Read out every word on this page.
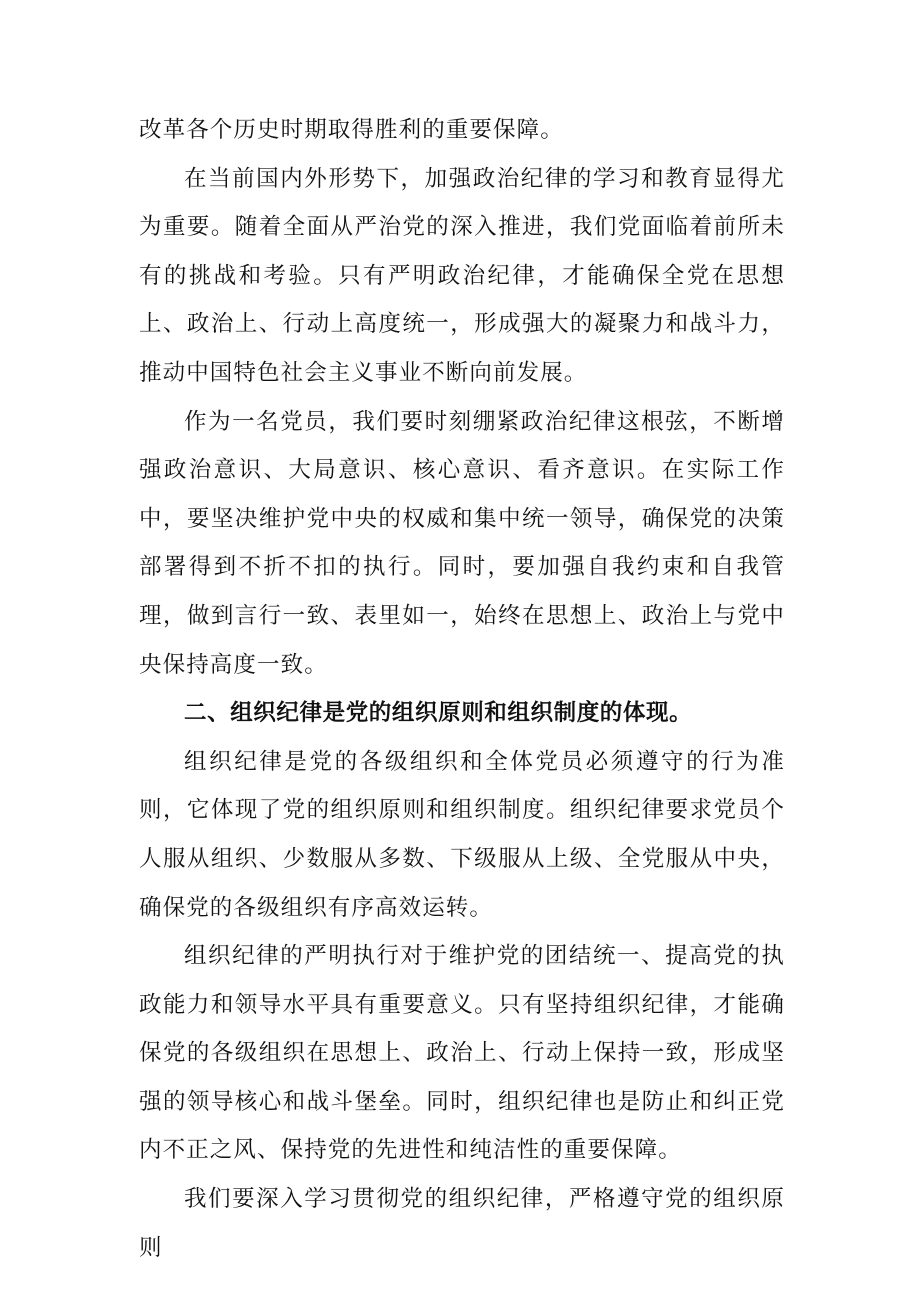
改革各个历史时期取得胜利的重要保障。

在当前国内外形势下，加强政治纪律的学习和教育显得尤为重要。随着全面从严治党的深入推进，我们党面临着前所未有的挑战和考验。只有严明政治纪律，才能确保全党在思想上、政治上、行动上高度统一，形成强大的凝聚力和战斗力，推动中国特色社会主义事业不断向前发展。

作为一名党员，我们要时刻绷紧政治纪律这根弦，不断增强政治意识、大局意识、核心意识、看齐意识。在实际工作中，要坚决维护党中央的权威和集中统一领导，确保党的决策部署得到不折不扣的执行。同时，要加强自我约束和自我管理，做到言行一致、表里如一，始终在思想上、政治上与党中央保持高度一致。

二、组织纪律是党的组织原则和组织制度的体现。

组织纪律是党的各级组织和全体党员必须遵守的行为准则，它体现了党的组织原则和组织制度。组织纪律要求党员个人服从组织、少数服从多数、下级服从上级、全党服从中央，确保党的各级组织有序高效运转。

组织纪律的严明执行对于维护党的团结统一、提高党的执政能力和领导水平具有重要意义。只有坚持组织纪律，才能确保党的各级组织在思想上、政治上、行动上保持一致，形成坚强的领导核心和战斗堡垒。同时，组织纪律也是防止和纠正党内不正之风、保持党的先进性和纯洁性的重要保障。

我们要深入学习贯彻党的组织纪律，严格遵守党的组织原则
